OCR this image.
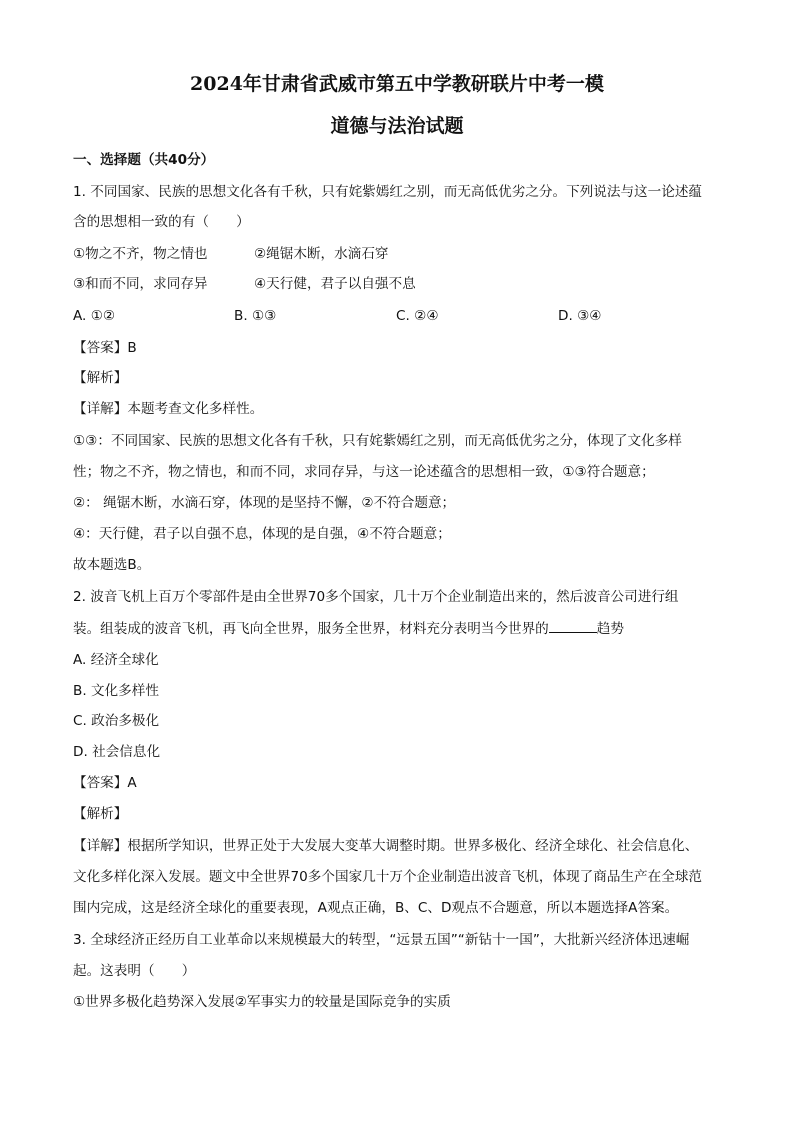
2024年甘肃省武威市第五中学教研联片中考一模
道德与法治试题
一、选择题（共40分）
1. 不同国家、民族的思想文化各有千秋，只有姹紫嫣红之别，而无高低优劣之分。下列说法与这一论述蕴
含的思想相一致的有（　　）
①物之不齐，物之情也	②绳锯木断，水滴石穿
③和而不同，求同存异	④天行健，君子以自强不息
A. ①②	B. ①③	C. ②④	D. ③④
【答案】B
【解析】
【详解】本题考查文化多样性。
①③：不同国家、民族的思想文化各有千秋，只有姹紫嫣红之别，而无高低优劣之分，体现了文化多样
性；物之不齐，物之情也，和而不同，求同存异，与这一论述蕴含的思想相一致，①③符合题意；
②： 绳锯木断，水滴石穿，体现的是坚持不懈，②不符合题意；
④：天行健，君子以自强不息，体现的是自强，④不符合题意；
故本题选B。
2. 波音飞机上百万个零部件是由全世界70多个国家，几十万个企业制造出来的，然后波音公司进行组
装。组装成的波音飞机，再飞向全世界，服务全世界，材料充分表明当今世界的	趋势
A. 经济全球化
B. 文化多样性
C. 政治多极化
D. 社会信息化
【答案】A
【解析】
【详解】根据所学知识，世界正处于大发展大变革大调整时期。世界多极化、经济全球化、社会信息化、
文化多样化深入发展。题文中全世界70多个国家几十万个企业制造出波音飞机，体现了商品生产在全球范
围内完成，这是经济全球化的重要表现，A观点正确，B、C、D观点不合题意，所以本题选择A答案。
3. 全球经济正经历自工业革命以来规模最大的转型，“远景五国”“新钻十一国”，大批新兴经济体迅速崛
起。这表明（　　）
①世界多极化趋势深入发展②军事实力的较量是国际竞争的实质
